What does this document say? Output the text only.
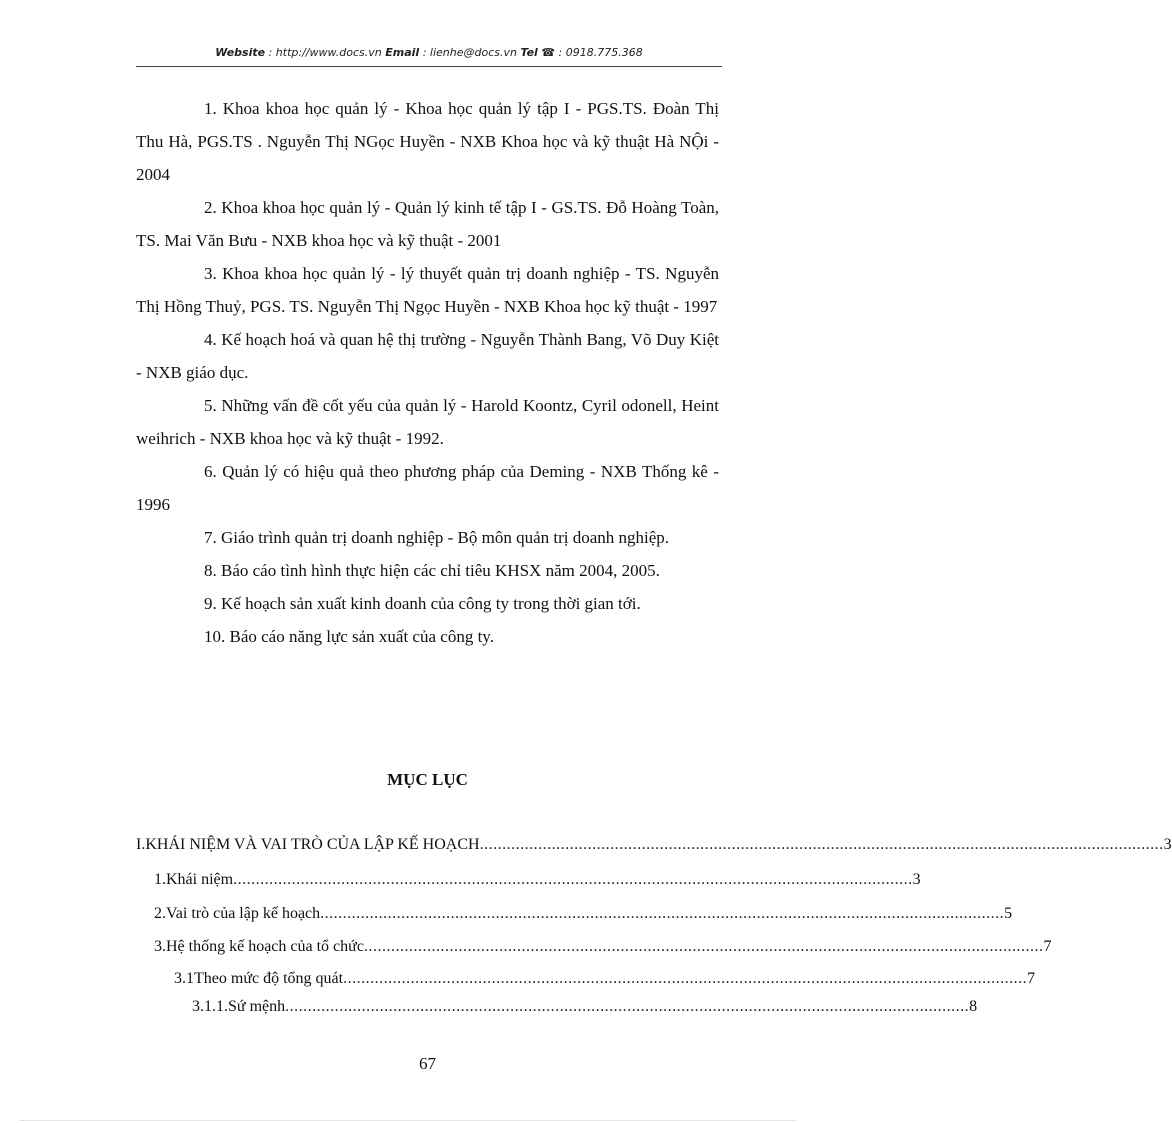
Website : http://www.docs.vn Email : lienhe@docs.vn Tel ☎ : 0918.775.368

1. Khoa khoa học quản lý - Khoa học quản lý tập I - PGS.TS. Đoàn Thị Thu Hà, PGS.TS . Nguyễn Thị NGọc Huyền - NXB Khoa học và kỹ thuật Hà NỘi - 2004

2. Khoa khoa học quản lý - Quản lý kinh tế tập I - GS.TS. Đỗ Hoàng Toàn, TS. Mai Văn Bưu - NXB khoa học và kỹ thuật - 2001

3. Khoa khoa học quản lý - lý thuyết quản trị doanh nghiệp - TS. Nguyễn Thị Hồng Thuỷ, PGS. TS. Nguyễn Thị Ngọc Huyền - NXB Khoa học kỹ thuật - 1997

4. Kế hoạch hoá và quan hệ thị trường - Nguyễn Thành Bang, Võ Duy Kiệt - NXB giáo dục.

5. Những vấn đề cốt yếu của quản lý - Harold Koontz, Cyril odonell, Heint weihrich - NXB khoa học và kỹ thuật - 1992.

6. Quản lý có hiệu quả theo phương pháp của Deming - NXB Thống kê - 1996

7. Giáo trình quản trị doanh nghiệp - Bộ môn quản trị doanh nghiệp.

8. Báo cáo tình hình thực hiện các chỉ tiêu KHSX năm 2004, 2005.

9. Kế hoạch sản xuất kinh doanh của công ty trong thời gian tới.

10. Báo cáo năng lực sản xuất của công ty.

MỤC LỤC
I. KHÁI NIỆM VÀ VAI TRÒ CỦA LẬP KẾ HOẠCH ........................................................................................................................................................ 3
1. Khái niệm ....................................................................................................................................................... 3
2. Vai trò của lập kế hoạch ........................................................................................................................................................ 5
3. Hệ thống kế hoạch của tổ chức ....................................................................................................................................................... 7
3.1 Theo mức độ tổng quát ........................................................................................................................................................ 7
3.1.1. Sứ mệnh ........................................................................................................................................................ 8
67
